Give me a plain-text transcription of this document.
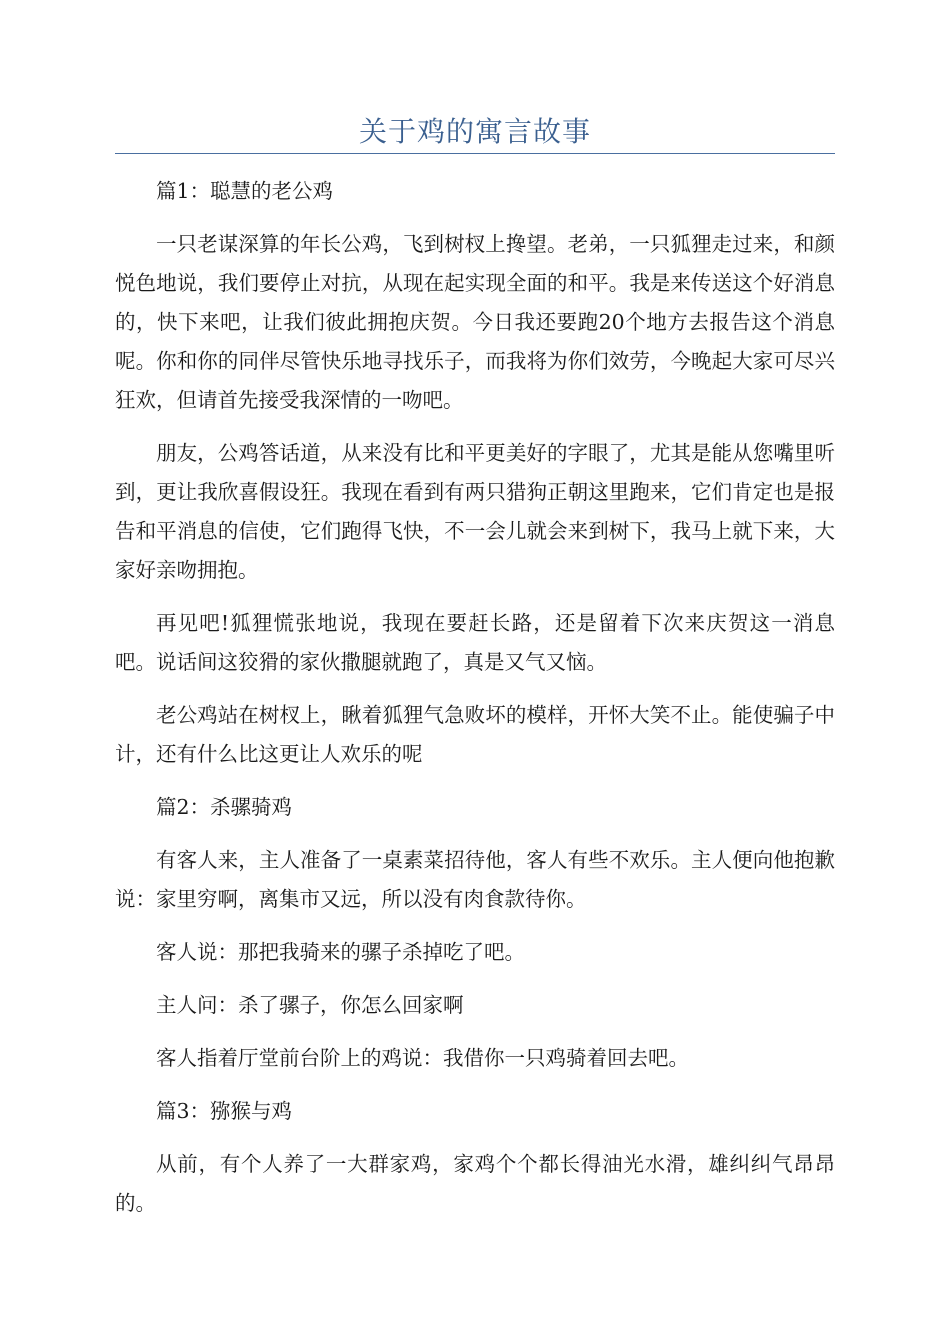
关于鸡的寓言故事

篇1：聪慧的老公鸡

一只老谋深算的年长公鸡，飞到树杈上搀望。老弟，一只狐狸走过来，和颜悦色地说，我们要停止对抗，从现在起实现全面的和平。我是来传送这个好消息的，快下来吧，让我们彼此拥抱庆贺。今日我还要跑20个地方去报告这个消息呢。你和你的同伴尽管快乐地寻找乐子，而我将为你们效劳，今晚起大家可尽兴狂欢，但请首先接受我深情的一吻吧。

朋友，公鸡答话道，从来没有比和平更美好的字眼了，尤其是能从您嘴里听到，更让我欣喜假设狂。我现在看到有两只猎狗正朝这里跑来，它们肯定也是报告和平消息的信使，它们跑得飞快，不一会儿就会来到树下，我马上就下来，大家好亲吻拥抱。

再见吧!狐狸慌张地说，我现在要赶长路，还是留着下次来庆贺这一消息吧。说话间这狡猾的家伙撒腿就跑了，真是又气又恼。

老公鸡站在树杈上，瞅着狐狸气急败坏的模样，开怀大笑不止。能使骗子中计，还有什么比这更让人欢乐的呢

篇2：杀骡骑鸡

有客人来，主人准备了一桌素菜招待他，客人有些不欢乐。主人便向他抱歉说：家里穷啊，离集市又远，所以没有肉食款待你。

客人说：那把我骑来的骡子杀掉吃了吧。

主人问：杀了骡子，你怎么回家啊

客人指着厅堂前台阶上的鸡说：我借你一只鸡骑着回去吧。

篇3：猕猴与鸡

从前，有个人养了一大群家鸡，家鸡个个都长得油光水滑，雄纠纠气昂昂的。
